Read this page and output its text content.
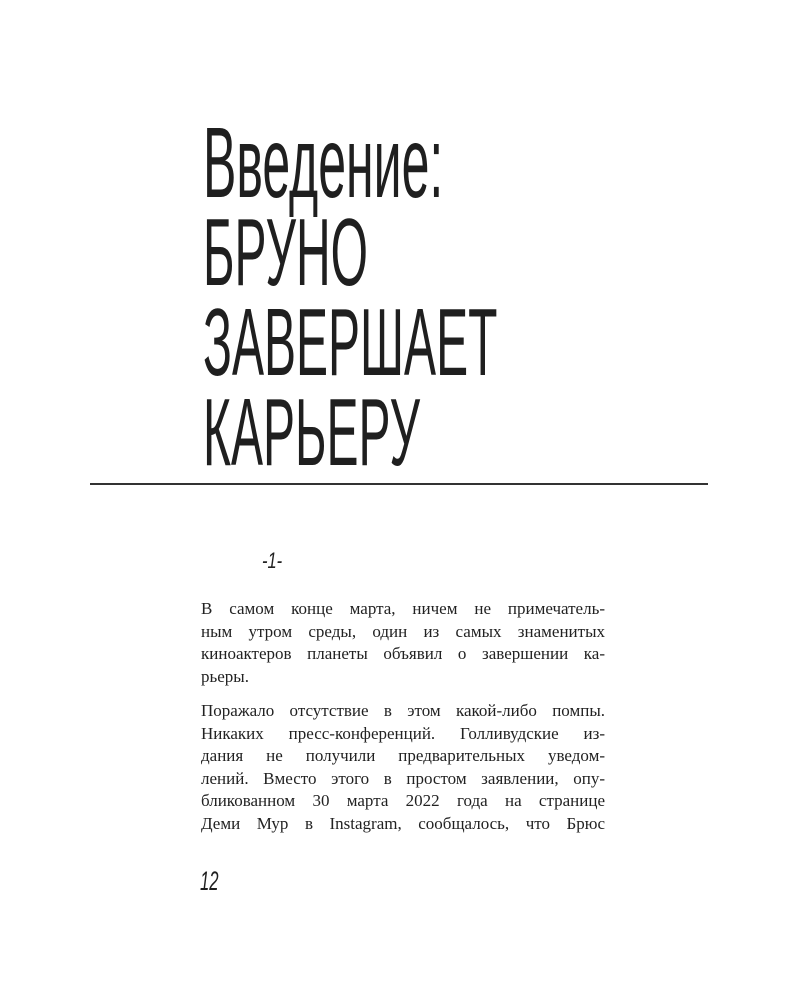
Введение:
БРУНО
ЗАВЕРШАЕТ
КАРЬЕРУ
-1-

В самом конце марта, ничем не примечатель-
ным утром среды, один из самых знаменитых
киноактеров планеты объявил о завершении ка-
рьеры.

Поражало отсутствие в этом какой-либо помпы.
Никаких пресс-конференций. Голливудские из-
дания не получили предварительных уведом-
лений. Вместо этого в простом заявлении, опу-
бликованном 30 марта 2022 года на странице
Деми Мур в Instagram, сообщалось, что Брюс

12
